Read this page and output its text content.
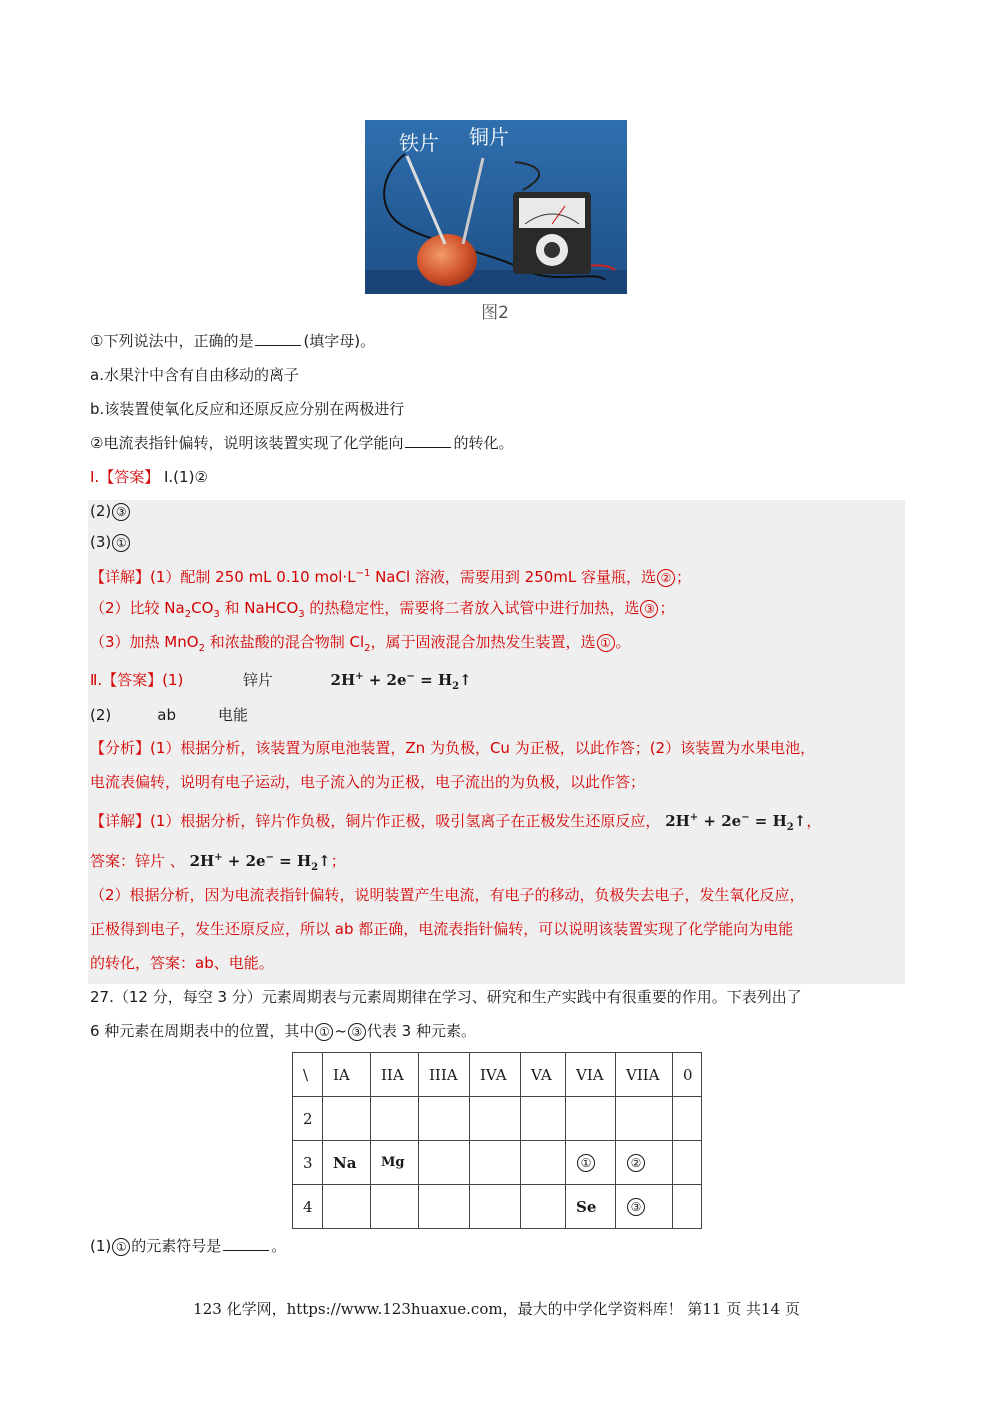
铁片 铜片
图2
①下列说法中，正确的是	(填字母)。
a.水果汁中含有自由移动的离子
b.该装置使氧化反应和还原反应分别在两极进行
②电流表指针偏转，说明该装置实现了化学能向	的转化。
Ⅰ.【答案】 Ⅰ.(1)②
(2) ③
(3) ①
【详解】(1）配制 250 mL 0.10 $mol\cdot L^{-1}$ NaCl 溶液，需要用到 250mL 容量瓶，选 ② ；
（2）比较 $Na_2CO_3$ 和 NaHCO$_3$ 的热稳定性，需要将二者放入试管中进行加热，选 ③ ；
（3）加热 MnO$_2$ 和浓盐酸的混合物制 $Cl_2$，属于固液混合加热发生装置，选 ① 。
Ⅱ.【答案】(1)	锌片	$2H^+ + 2e^- = H_2↑$
(2)	ab	电能
【分析】(1）根据分析，该装置为原电池装置，Zn 为负极，Cu 为正极，以此作答；(2）该装置为水果电池，
电流表偏转，说明有电子运动，电子流入的为正极，电子流出的为负极，以此作答；
【详解】(1）根据分析，锌片作负极，铜片作正极，吸引氢离子在正极发生还原反应， $2H^+ + 2e^- = H_2↑$，
答案：锌片 、 $2H^+ + 2e^- = H_2↑$；
（2）根据分析，因为电流表指针偏转，说明装置产生电流，有电子的移动，负极失去电子，发生氧化反应，
正极得到电子，发生还原反应，所以 ab 都正确，电流表指针偏转，可以说明该装置实现了化学能向为电能
的转化，答案：ab、电能。
27.（12 分，每空 3 分）元素周期表与元素周期律在学习、研究和生产实践中有很重要的作用。下表列出了
6 种元素在周期表中的位置，其中 ① ~ ③ 代表 3 种元素。
\	IA	IIA	IIIA	IVA	VA	VIA	VIIA	0
2								
3	Na	Mg				①	②	
4						Se	③	
(1) ① 的元素符号是	。
123 化学网，https://www.123huaxue.com，最大的中学化学资料库！ 第11 页 共14 页
